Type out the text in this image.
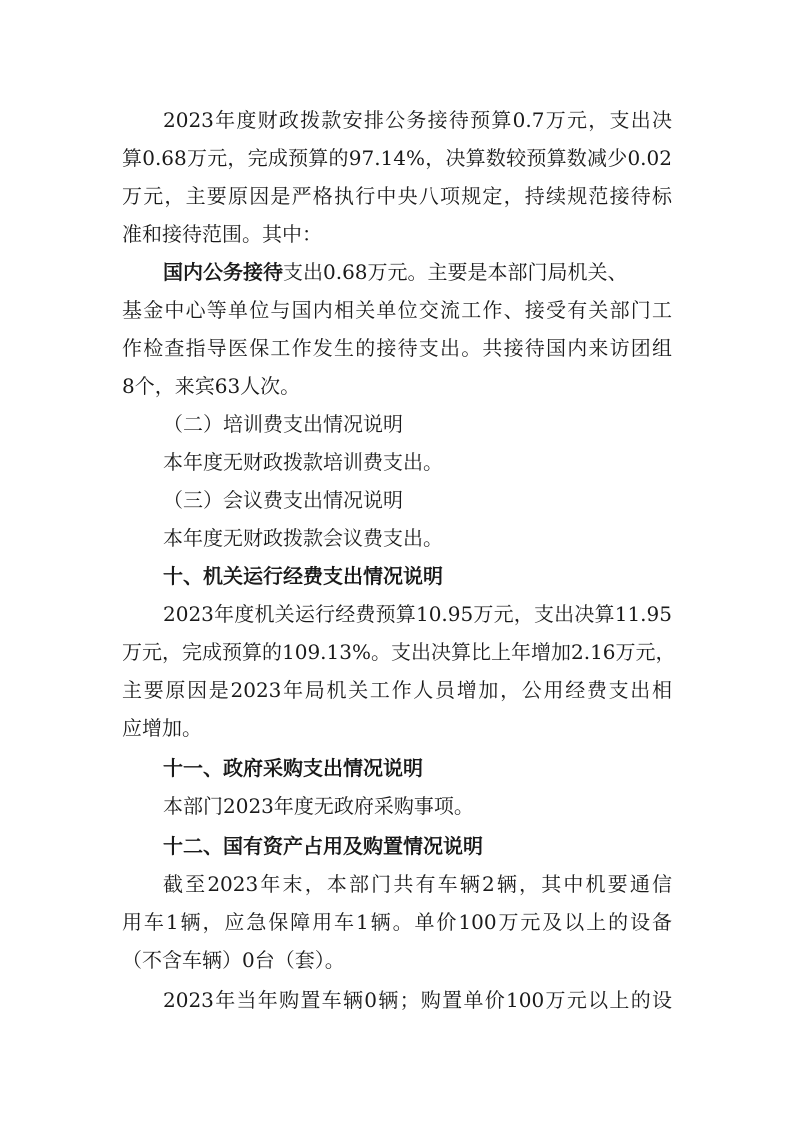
2023年度财政拨款安排公务接待预算0.7万元，支出决
算0.68万元，完成预算的97.14%，决算数较预算数减少0.02
万元，主要原因是严格执行中央八项规定，持续规范接待标
准和接待范围。其中：
国内公务接待支出0.68万元。主要是本部门局机关、
基金中心等单位与国内相关单位交流工作、接受有关部门工
作检查指导医保工作发生的接待支出。共接待国内来访团组
8个，来宾63人次。
（二）培训费支出情况说明
本年度无财政拨款培训费支出。
（三）会议费支出情况说明
本年度无财政拨款会议费支出。
十、机关运行经费支出情况说明
2023年度机关运行经费预算10.95万元，支出决算11.95
万元，完成预算的109.13%。支出决算比上年增加2.16万元，
主要原因是2023年局机关工作人员增加，公用经费支出相
应增加。
十一、政府采购支出情况说明
本部门2023年度无政府采购事项。
十二、国有资产占用及购置情况说明
截至2023年末，本部门共有车辆2辆，其中机要通信
用车1辆，应急保障用车1辆。单价100万元及以上的设备
（不含车辆）0台（套）。
2023年当年购置车辆0辆；购置单价100万元以上的设
